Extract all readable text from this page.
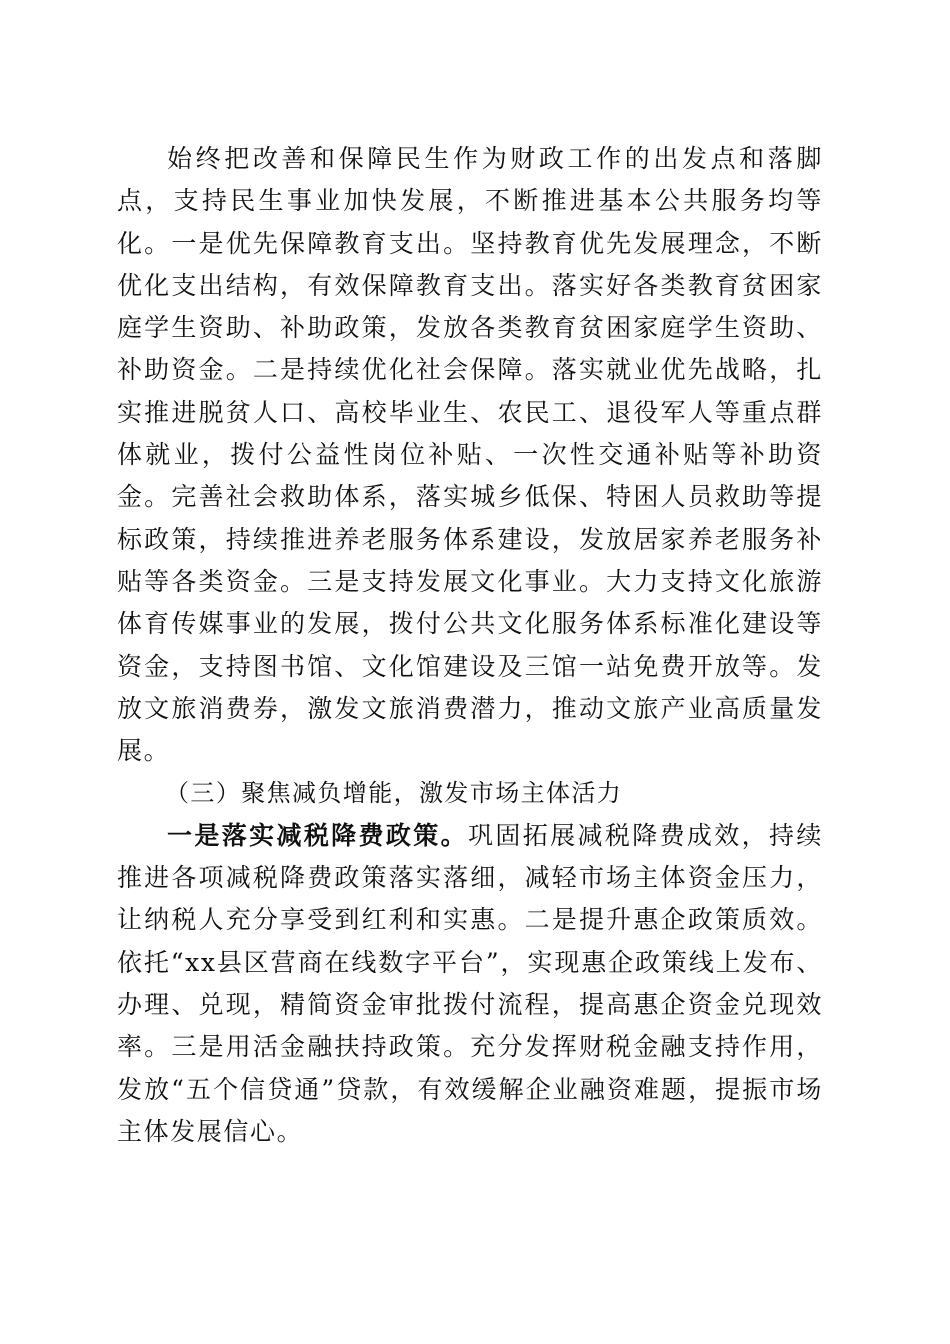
始终把改善和保障民生作为财政工作的出发点和落脚点，支持民生事业加快发展，不断推进基本公共服务均等化。一是优先保障教育支出。坚持教育优先发展理念，不断优化支出结构，有效保障教育支出。落实好各类教育贫困家庭学生资助、补助政策，发放各类教育贫困家庭学生资助、补助资金。二是持续优化社会保障。落实就业优先战略，扎实推进脱贫人口、高校毕业生、农民工、退役军人等重点群体就业，拨付公益性岗位补贴、一次性交通补贴等补助资金。完善社会救助体系，落实城乡低保、特困人员救助等提标政策，持续推进养老服务体系建设，发放居家养老服务补贴等各类资金。三是支持发展文化事业。大力支持文化旅游体育传媒事业的发展，拨付公共文化服务体系标准化建设等资金，支持图书馆、文化馆建设及三馆一站免费开放等。发放文旅消费券，激发文旅消费潜力，推动文旅产业高质量发展。

（三）聚焦减负增能，激发市场主体活力

一是落实减税降费政策。巩固拓展减税降费成效，持续推进各项减税降费政策落实落细，减轻市场主体资金压力，让纳税人充分享受到红利和实惠。二是提升惠企政策质效。依托“xx县区营商在线数字平台”，实现惠企政策线上发布、办理、兑现，精简资金审批拨付流程，提高惠企资金兑现效率。三是用活金融扶持政策。充分发挥财税金融支持作用，发放“五个信贷通”贷款，有效缓解企业融资难题，提振市场主体发展信心。
